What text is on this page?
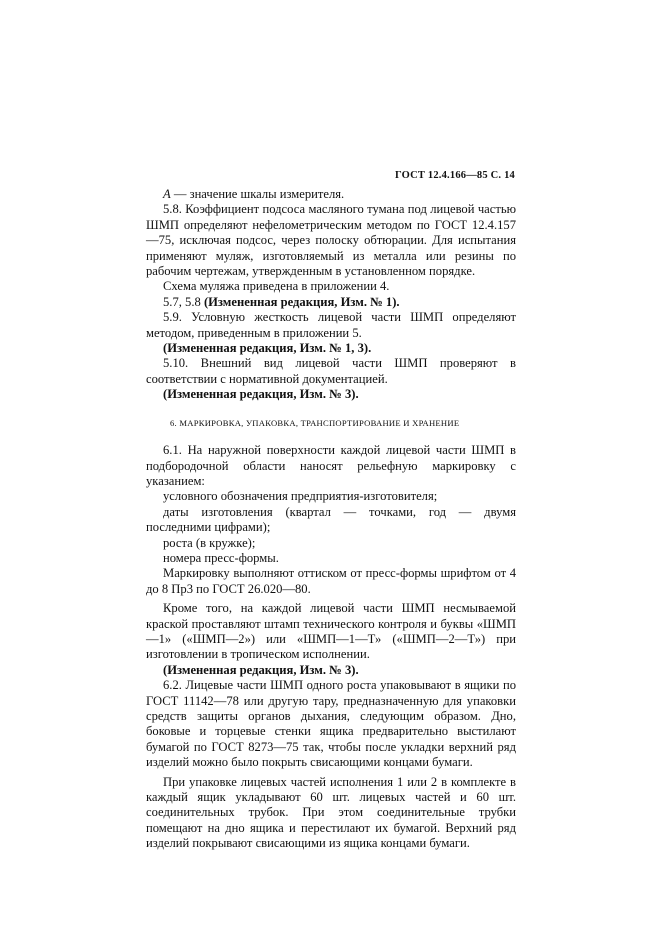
ГОСТ 12.4.166—85 С. 14

А — значение шкалы измерителя.

5.8. Коэффициент подсоса масляного тумана под лицевой частью ШМП определяют нефелометрическим методом по ГОСТ 12.4.157—75, исключая подсос, через полоску обтюрации. Для испытания применяют муляж, изготовляемый из металла или резины по рабочим чертежам, утвержденным в установленном порядке.

Схема муляжа приведена в приложении 4.

5.7, 5.8 (Измененная редакция, Изм. № 1).

5.9. Условную жесткость лицевой части ШМП определяют методом, приведенным в приложении 5.

(Измененная редакция, Изм. № 1, 3).

5.10. Внешний вид лицевой части ШМП проверяют в соответствии с нормативной документацией.

(Измененная редакция, Изм. № 3).

6. МАРКИРОВКА, УПАКОВКА, ТРАНСПОРТИРОВАНИЕ И ХРАНЕНИЕ

6.1. На наружной поверхности каждой лицевой части ШМП в подбородочной области наносят рельефную маркировку с указанием:

условного обозначения предприятия-изготовителя;

даты изготовления (квартал — точками, год — двумя последними цифрами);

роста (в кружке);

номера пресс-формы.

Маркировку выполняют оттиском от пресс-формы шрифтом от 4 до 8 Пр3 по ГОСТ 26.020—80.

Кроме того, на каждой лицевой части ШМП несмываемой краской проставляют штамп технического контроля и буквы «ШМП—1» («ШМП—2») или «ШМП—1—Т» («ШМП—2—Т») при изготовлении в тропическом исполнении.

(Измененная редакция, Изм. № 3).

6.2. Лицевые части ШМП одного роста упаковывают в ящики по ГОСТ 11142—78 или другую тару, предназначенную для упаковки средств защиты органов дыхания, следующим образом. Дно, боковые и торцевые стенки ящика предварительно выстилают бумагой по ГОСТ 8273—75 так, чтобы после укладки верхний ряд изделий можно было покрыть свисающими концами бумаги.

При упаковке лицевых частей исполнения 1 или 2 в комплекте в каждый ящик укладывают 60 шт. лицевых частей и 60 шт. соединительных трубок. При этом соединительные трубки помещают на дно ящика и перестилают их бумагой. Верхний ряд изделий покрывают свисающими из ящика концами бумаги.
